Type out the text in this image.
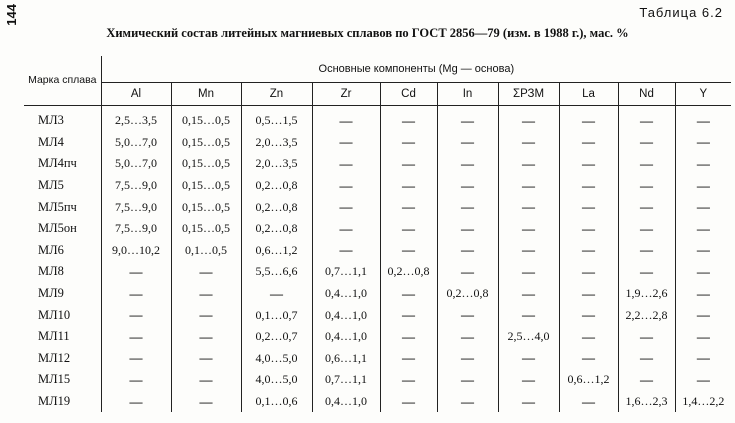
144	Таблица 6.2
Химический состав литейных магниевых сплавов по ГОСТ 2856—79 (изм. в 1988 г.), мас. %
Марка сплава	Основные компоненты (Mg — основа)									
	Al	Mn	Zn	Zr	Cd	In	ΣРЗМ	La	Nd	Y
МЛ3	2,5…3,5	0,15…0,5	0,5…1,5	—	—	—	—	—	—	—
МЛ4	5,0…7,0	0,15…0,5	2,0…3,5	—	—	—	—	—	—	—
МЛ4пч	5,0…7,0	0,15…0,5	2,0…3,5	—	—	—	—	—	—	—
МЛ5	7,5…9,0	0,15…0,5	0,2…0,8	—	—	—	—	—	—	—
МЛ5пч	7,5…9,0	0,15…0,5	0,2…0,8	—	—	—	—	—	—	—
МЛ5он	7,5…9,0	0,15…0,5	0,2…0,8	—	—	—	—	—	—	—
МЛ6	9,0…10,2	0,1…0,5	0,6…1,2	—	—	—	—	—	—	—
МЛ8	—	—	5,5…6,6	0,7…1,1	0,2…0,8	—	—	—	—	—
МЛ9	—	—	—	0,4…1,0	—	0,2…0,8	—	—	1,9…2,6	—
МЛ10	—	—	0,1…0,7	0,4…1,0	—	—	—	—	2,2…2,8	—
МЛ11	—	—	0,2…0,7	0,4…1,0	—	—	2,5…4,0	—	—	—
МЛ12	—	—	4,0…5,0	0,6…1,1	—	—	—	—	—	—
МЛ15	—	—	4,0…5,0	0,7…1,1	—	—	—	0,6…1,2	—	—
МЛ19	—	—	0,1…0,6	0,4…1,0	—	—	—	—	1,6…2,3	1,4…2,2
